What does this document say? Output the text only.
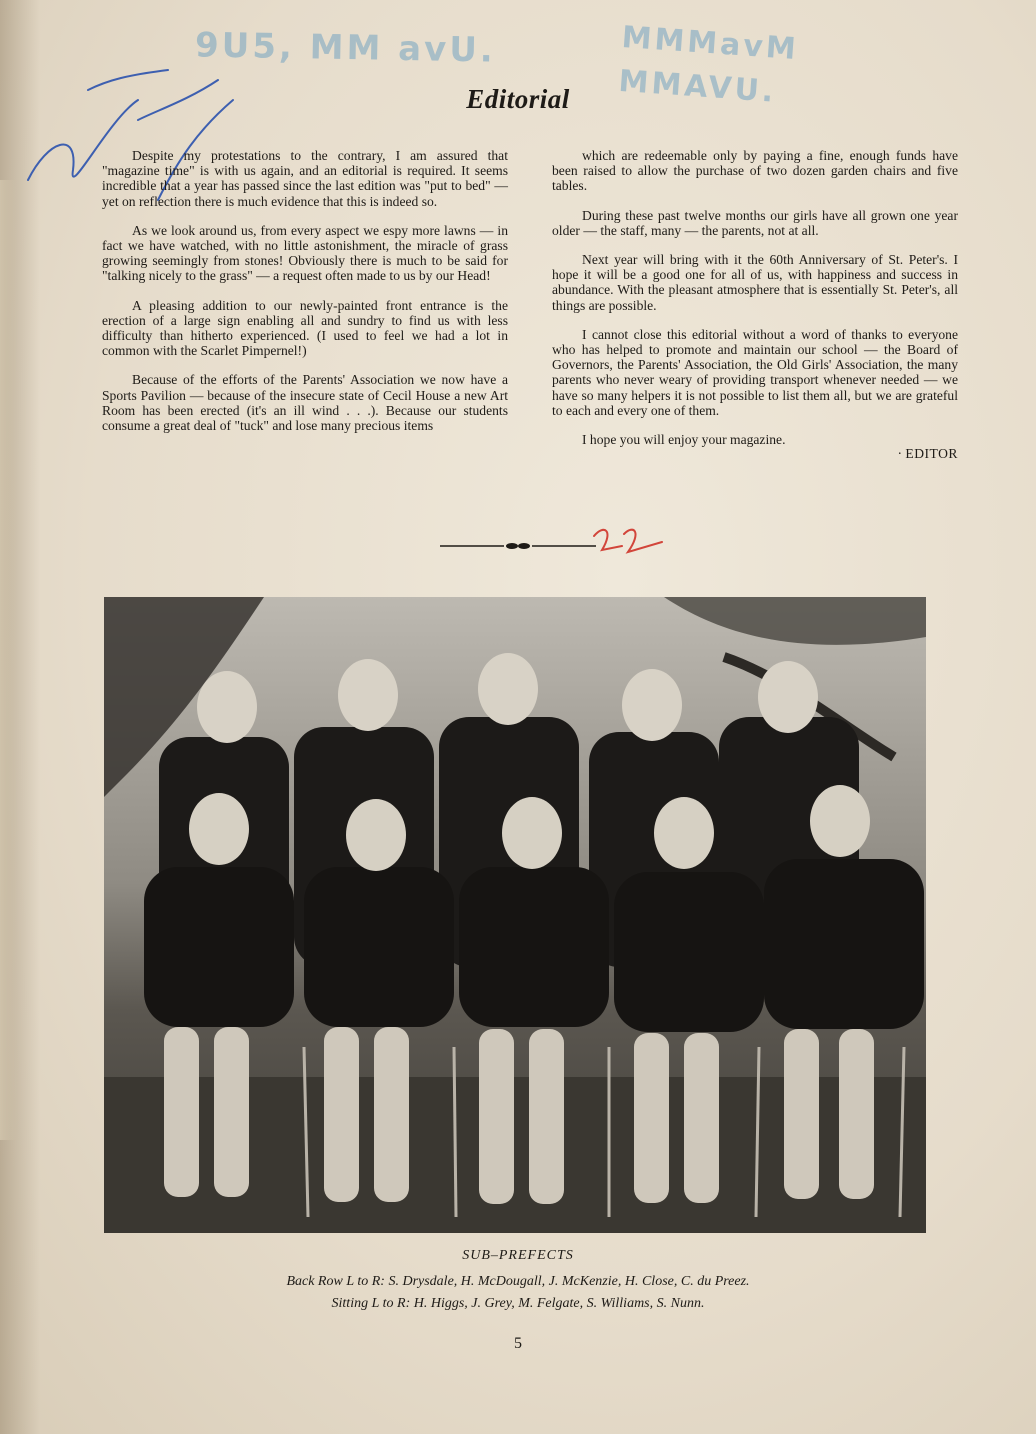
9U5, MM avU.	MMMavM
MMAVU.
Editorial

Despite my protestations to the contrary, I am assured that "magazine time" is with us again, and an editorial is required. It seems incredible that a year has passed since the last edition was "put to bed" — yet on reflection there is much evidence that this is indeed so.

As we look around us, from every aspect we espy more lawns — in fact we have watched, with no little astonishment, the miracle of grass growing seemingly from stones! Obviously there is much to be said for "talking nicely to the grass" — a request often made to us by our Head!

A pleasing addition to our newly-painted front entrance is the erection of a large sign enabling all and sundry to find us with less difficulty than hitherto experienced. (I used to feel we had a lot in common with the Scarlet Pimpernel!)

Because of the efforts of the Parents' Association we now have a Sports Pavilion — because of the insecure state of Cecil House a new Art Room has been erected (it's an ill wind . . .). Because our students consume a great deal of "tuck" and lose many precious items

which are redeemable only by paying a fine, enough funds have been raised to allow the purchase of two dozen garden chairs and five tables.

During these past twelve months our girls have all grown one year older — the staff, many — the parents, not at all.

Next year will bring with it the 60th Anniversary of St. Peter's. I hope it will be a good one for all of us, with happiness and success in abundance. With the pleasant atmosphere that is essentially St. Peter's, all things are possible.

I cannot close this editorial without a word of thanks to everyone who has helped to promote and maintain our school — the Board of Governors, the Parents' Association, the Old Girls' Association, the many parents who never weary of providing transport whenever needed — we have so many helpers it is not possible to list them all, but we are grateful to each and every one of them.

I hope you will enjoy your magazine.

· EDITOR

SUB–PREFECTS
Back Row L to R: S. Drysdale, H. McDougall, J. McKenzie, H. Close, C. du Preez.
Sitting L to R: H. Higgs, J. Grey, M. Felgate, S. Williams, S. Nunn.
5
